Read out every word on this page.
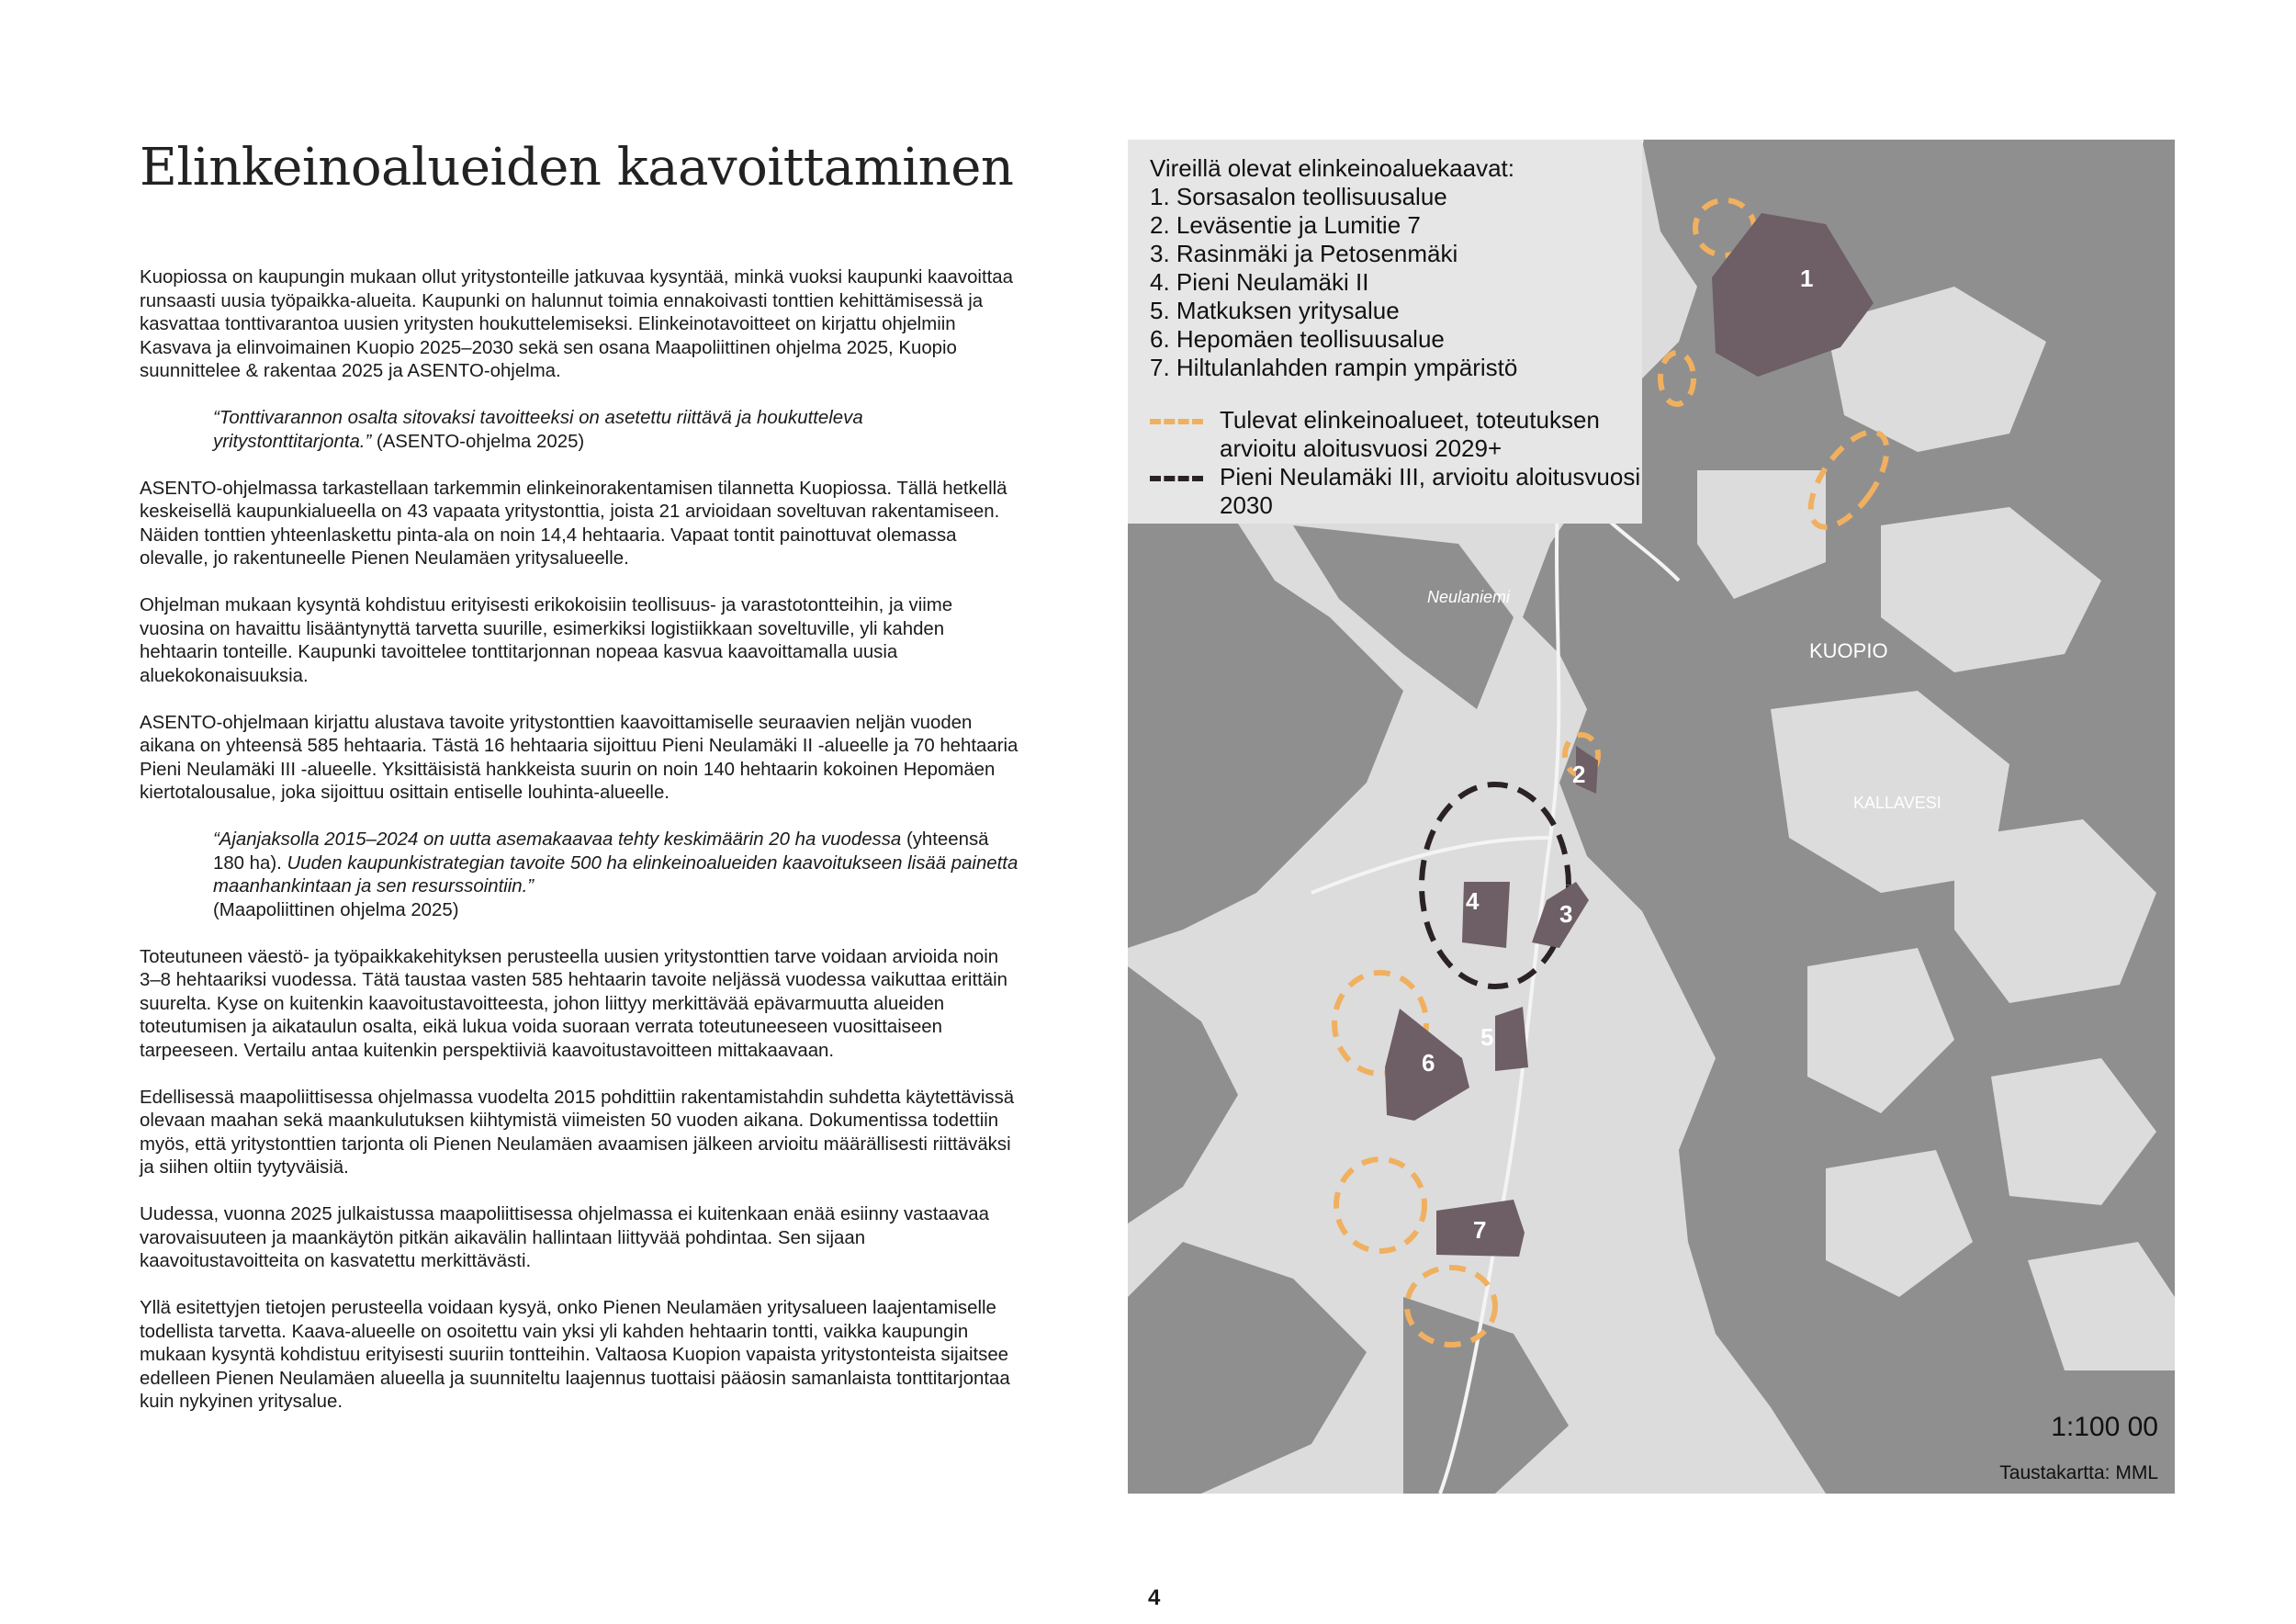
Elinkeinoalueiden kaavoittaminen

Kuopiossa on kaupungin mukaan ollut yritystonteille jatkuvaa kysyntää, minkä vuoksi kaupunki kaavoittaa runsaasti uusia työpaikka-alueita. Kaupunki on halunnut toimia ennakoivasti tonttien kehittämisessä ja kasvattaa tonttivarantoa uusien yritysten houkuttelemiseksi. Elinkeinotavoitteet on kirjattu ohjelmiin Kasvava ja elinvoimainen Kuopio 2025–2030 sekä sen osana Maapoliittinen ohjelma 2025, Kuopio suunnittelee & rakentaa 2025 ja ASENTO-ohjelma.

“Tonttivarannon osalta sitovaksi tavoitteeksi on asetettu riittävä ja houkutteleva yritystonttitarjonta.” (ASENTO-ohjelma 2025)

ASENTO-ohjelmassa tarkastellaan tarkemmin elinkeinorakentamisen tilannetta Kuopiossa. Tällä hetkellä keskeisellä kaupunkialueella on 43 vapaata yritystonttia, joista 21 arvioidaan soveltuvan rakentamiseen. Näiden tonttien yhteenlaskettu pinta-ala on noin 14,4 hehtaaria. Vapaat tontit painottuvat olemassa olevalle, jo rakentuneelle Pienen Neulamäen yritysalueelle.

Ohjelman mukaan kysyntä kohdistuu erityisesti erikokoisiin teollisuus- ja varastotontteihin, ja viime vuosina on havaittu lisääntynyttä tarvetta suurille, esimerkiksi logistiikkaan soveltuville, yli kahden hehtaarin tonteille. Kaupunki tavoittelee tonttitarjonnan nopeaa kasvua kaavoittamalla uusia aluekokonaisuuksia.

ASENTO-ohjelmaan kirjattu alustava tavoite yritystonttien kaavoittamiselle seuraavien neljän vuoden aikana on yhteensä 585 hehtaaria. Tästä 16 hehtaaria sijoittuu Pieni Neulamäki II -alueelle ja 70 hehtaaria Pieni Neulamäki III -alueelle. Yksittäisistä hankkeista suurin on noin 140 hehtaarin kokoinen Hepomäen kiertotalousalue, joka sijoittuu osittain entiselle louhinta-alueelle.

“Ajanjaksolla 2015–2024 on uutta asemakaavaa tehty keskimäärin 20 ha vuodessa (yhteensä 180 ha). Uuden kaupunkistrategian tavoite 500 ha elinkeinoalueiden kaavoitukseen lisää painetta maanhankintaan ja sen resurssointiin.”
(Maapoliittinen ohjelma 2025)

Toteutuneen väestö- ja työpaikkakehityksen perusteella uusien yritystonttien tarve voidaan arvioida noin 3–8 hehtaariksi vuodessa. Tätä taustaa vasten 585 hehtaarin tavoite neljässä vuodessa vaikuttaa erittäin suurelta. Kyse on kuitenkin kaavoitustavoitteesta, johon liittyy merkittävää epävarmuutta alueiden toteutumisen ja aikataulun osalta, eikä lukua voida suoraan verrata toteutuneeseen vuosittaiseen tarpeeseen. Vertailu antaa kuitenkin perspektiiviä kaavoitustavoitteen mittakaavaan.

Edellisessä maapoliittisessa ohjelmassa vuodelta 2015 pohdittiin rakentamistahdin suhdetta käytettävissä olevaan maahan sekä maankulutuksen kiihtymistä viimeisten 50 vuoden aikana. Dokumentissa todettiin myös, että yritystonttien tarjonta oli Pienen Neulamäen avaamisen jälkeen arvioitu määrällisesti riittäväksi ja siihen oltiin tyytyväisiä.

Uudessa, vuonna 2025 julkaistussa maapoliittisessa ohjelmassa ei kuitenkaan enää esiinny vastaavaa varovaisuuteen ja maankäytön pitkän aikavälin hallintaan liittyvää pohdintaa. Sen sijaan kaavoitustavoitteita on kasvatettu merkittävästi.

Yllä esitettyjen tietojen perusteella voidaan kysyä, onko Pienen Neulamäen yritysalueen laajentamiselle todellista tarvetta. Kaava-alueelle on osoitettu vain yksi yli kahden hehtaarin tontti, vaikka kaupungin mukaan kysyntä kohdistuu erityisesti suuriin tontteihin. Valtaosa Kuopion vapaista yritystonteista sijaitsee edelleen Pienen Neulamäen alueella ja suunniteltu laajennus tuottaisi pääosin samanlaista tonttitarjontaa kuin nykyinen yritysalue.

Vireillä olevat elinkeinoaluekaavat:
1. Sorsasalon teollisuusalue
2. Leväsentie ja Lumitie 7
3. Rasinmäki ja Petosenmäki
4. Pieni Neulamäki II
5. Matkuksen yritysalue
6. Hepomäen teollisuusalue
7. Hiltulanlahden rampin ympäristö
Tulevat elinkeinoalueet, toteutuksen arvioitu aloitusvuosi 2029+
Pieni Neulamäki III, arvioitu aloitusvuosi 2030
1
2
3
4
5
6
7
KUOPIO
KALLAVESI
Neulaniemi
1:100 00
Taustakartta: MML
4
